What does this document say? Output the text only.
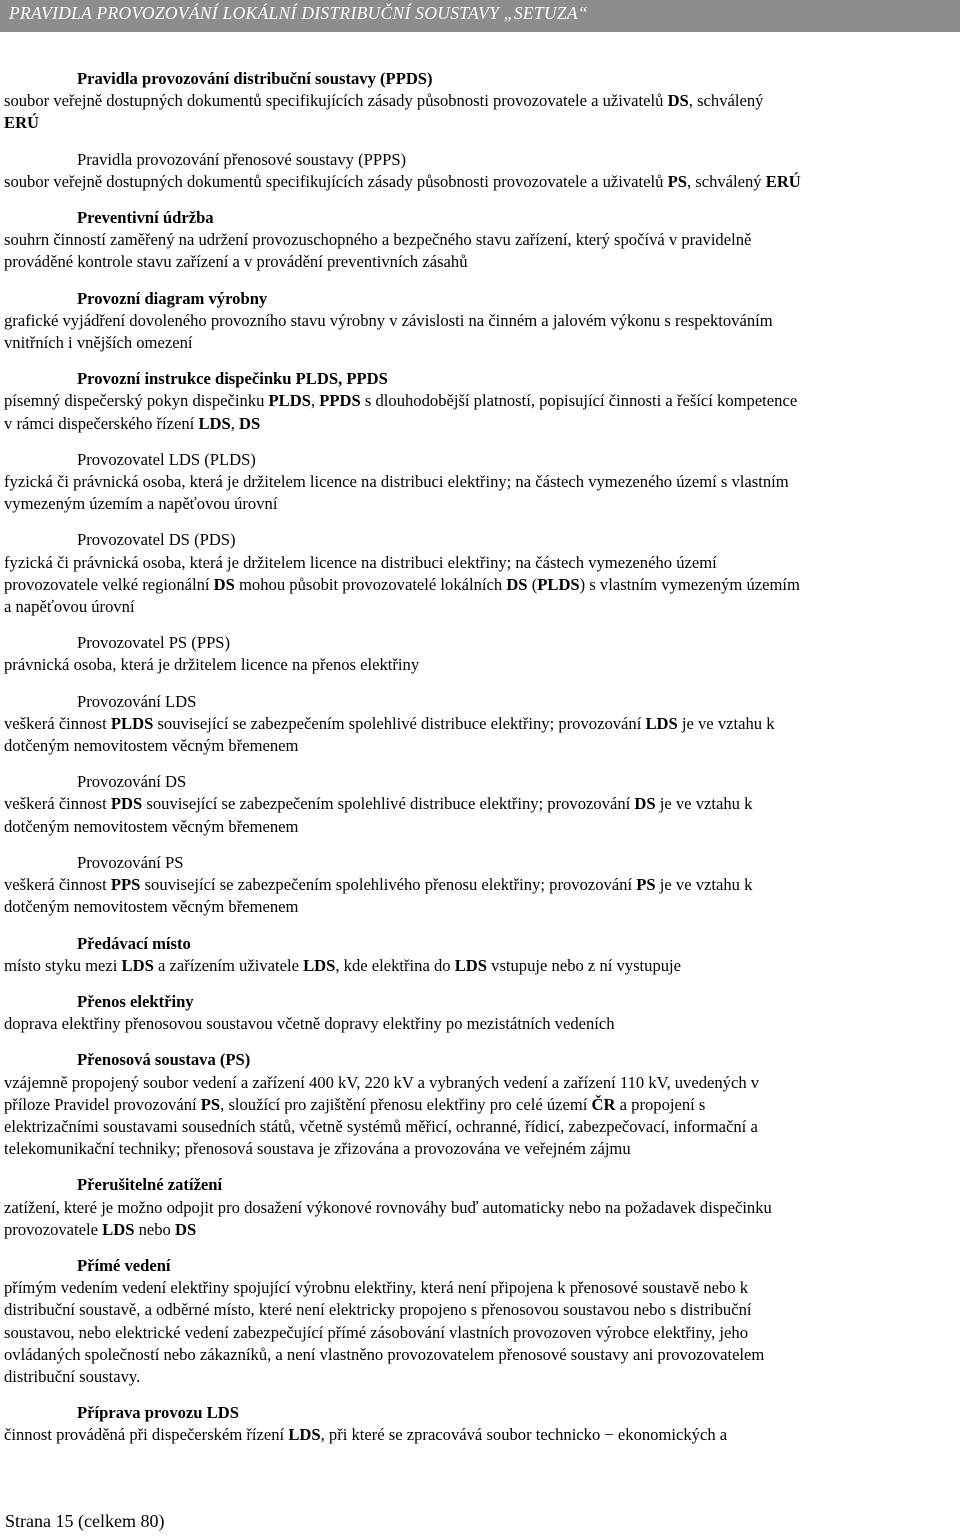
PRAVIDLA PROVOZOVÁNÍ LOKÁLNÍ DISTRIBUČNÍ SOUSTAVY „SETUZA“
Pravidla provozování distribuční soustavy (PPDS)
soubor veřejně dostupných dokumentů specifikujících zásady působnosti provozovatele a uživatelů DS, schválený
ERÚ
Pravidla provozování přenosové soustavy (PPPS)
soubor veřejně dostupných dokumentů specifikujících zásady působnosti provozovatele a uživatelů PS, schválený ERÚ
Preventivní údržba
souhrn činností zaměřený na udržení provozuschopného a bezpečného stavu zařízení, který spočívá v pravidelně
prováděné kontrole stavu zařízení a v provádění preventivních zásahů
Provozní diagram výrobny
grafické vyjádření dovoleného provozního stavu výrobny v závislosti na činném a jalovém výkonu s respektováním
vnitřních i vnějších omezení
Provozní instrukce dispečinku PLDS, PPDS
písemný dispečerský pokyn dispečinku PLDS, PPDS s dlouhodobější platností, popisující činnosti a řešící kompetence
v rámci dispečerského řízení LDS, DS
Provozovatel LDS (PLDS)
fyzická či právnická osoba, která je držitelem licence na distribuci elektřiny; na částech vymezeného území s vlastním
vymezeným územím a napěťovou úrovní
Provozovatel DS (PDS)
fyzická či právnická osoba, která je držitelem licence na distribuci elektřiny; na částech vymezeného území
provozovatele velké regionální DS mohou působit provozovatelé lokálních DS (PLDS) s vlastním vymezeným územím
a napěťovou úrovní
Provozovatel PS (PPS)
právnická osoba, která je držitelem licence na přenos elektřiny
Provozování LDS
veškerá činnost PLDS související se zabezpečením spolehlivé distribuce elektřiny; provozování LDS je ve vztahu k
dotčeným nemovitostem věcným břemenem
Provozování DS
veškerá činnost PDS související se zabezpečením spolehlivé distribuce elektřiny; provozování DS je ve vztahu k
dotčeným nemovitostem věcným břemenem
Provozování PS
veškerá činnost PPS související se zabezpečením spolehlivého přenosu elektřiny; provozování PS je ve vztahu k
dotčeným nemovitostem věcným břemenem
Předávací místo
místo styku mezi LDS a zařízením uživatele LDS, kde elektřina do LDS vstupuje nebo z ní vystupuje
Přenos elektřiny
doprava elektřiny přenosovou soustavou včetně dopravy elektřiny po mezistátních vedeních
Přenosová soustava (PS)
vzájemně propojený soubor vedení a zařízení 400 kV, 220 kV a vybraných vedení a zařízení 110 kV, uvedených v
příloze Pravidel provozování PS, sloužící pro zajištění přenosu elektřiny pro celé území ČR a propojení s
elektrizačními soustavami sousedních států, včetně systémů měřicí, ochranné, řídicí, zabezpečovací, informační a
telekomunikační techniky; přenosová soustava je zřizována a provozována ve veřejném zájmu
Přerušitelné zatížení
zatížení, které je možno odpojit pro dosažení výkonové rovnováhy buď automaticky nebo na požadavek dispečinku
provozovatele LDS nebo DS
Přímé vedení
přímým vedením vedení elektřiny spojující výrobnu elektřiny, která není připojena k přenosové soustavě nebo k
distribuční soustavě, a odběrné místo, které není elektricky propojeno s přenosovou soustavou nebo s distribuční
soustavou, nebo elektrické vedení zabezpečující přímé zásobování vlastních provozoven výrobce elektřiny, jeho
ovládaných společností nebo zákazníků, a není vlastněno provozovatelem přenosové soustavy ani provozovatelem
distribuční soustavy.
Příprava provozu LDS
činnost prováděná při dispečerském řízení LDS, při které se zpracovává soubor technicko − ekonomických a
Strana 15 (celkem 80)
